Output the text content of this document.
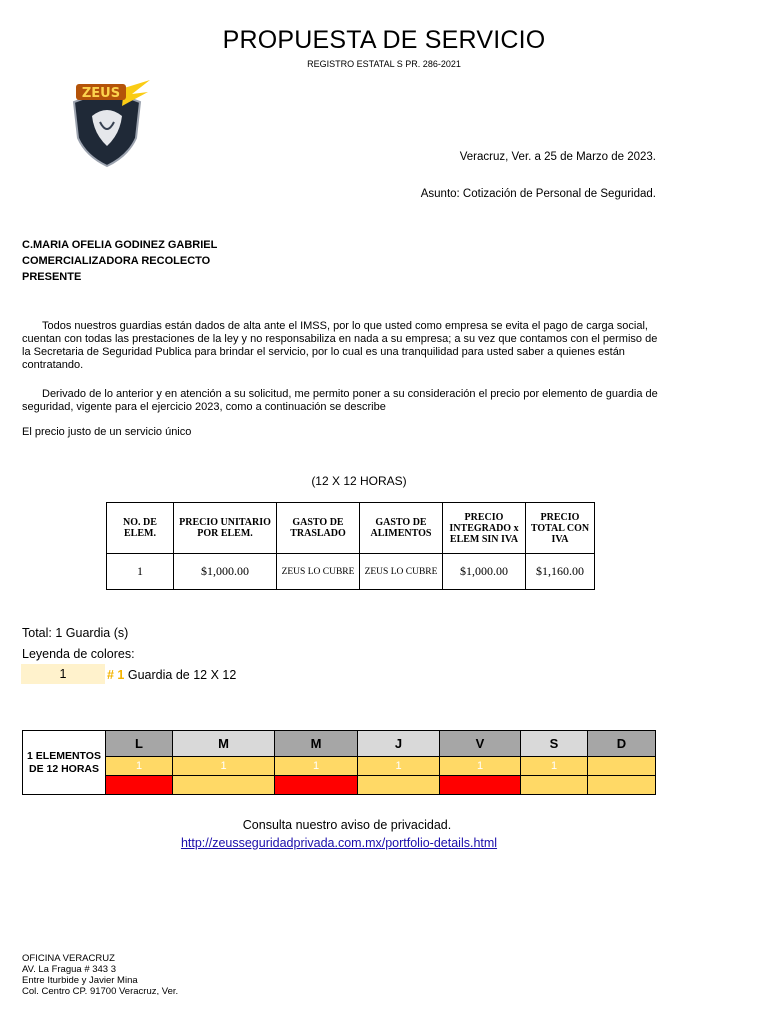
PROPUESTA DE SERVICIO
REGISTRO ESTATAL S PR. 286-2021
ZEUS
Veracruz, Ver. a 25 de Marzo de 2023.
Asunto: Cotización de Personal de Seguridad.
C.MARIA OFELIA GODINEZ GABRIEL
COMERCIALIZADORA RECOLECTO
PRESENTE
Todos nuestros guardias están dados de alta ante el IMSS, por lo que usted como empresa se evita el pago de carga social, cuentan con todas las prestaciones de la ley y no responsabiliza en nada a su empresa; a su vez que contamos con el permiso de la Secretaria de Seguridad Publica para brindar el servicio, por lo cual es una tranquilidad para usted saber a quienes están contratando.
Derivado de lo anterior y en atención a su solicitud, me permito poner a su consideración el precio por elemento de guardia de seguridad, vigente para el ejercicio 2023, como a continuación se describe
El precio justo de un servicio único
(12 X 12 HORAS)
NO. DE ELEM.	PRECIO UNITARIO POR ELEM.	GASTO DE TRASLADO	GASTO DE ALIMENTOS	PRECIO INTEGRADO x ELEM SIN IVA	PRECIO TOTAL CON IVA
1	$1,000.00	ZEUS LO CUBRE	ZEUS LO CUBRE	$1,000.00	$1,160.00
Total: 1 Guardia (s)
Leyenda de colores:
1	# 1 Guardia de 12 X 12
1 ELEMENTOS DE 12 HORAS	L	M	M	J	V	S	D
	1	1	1	1	1	1	

Consulta nuestro aviso de privacidad.
http://zeusseguridadprivada.com.mx/portfolio-details.html
OFICINA VERACRUZ
AV. La Fragua # 343 3
Entre Iturbide y Javier Mina
Col. Centro CP. 91700 Veracruz, Ver.
